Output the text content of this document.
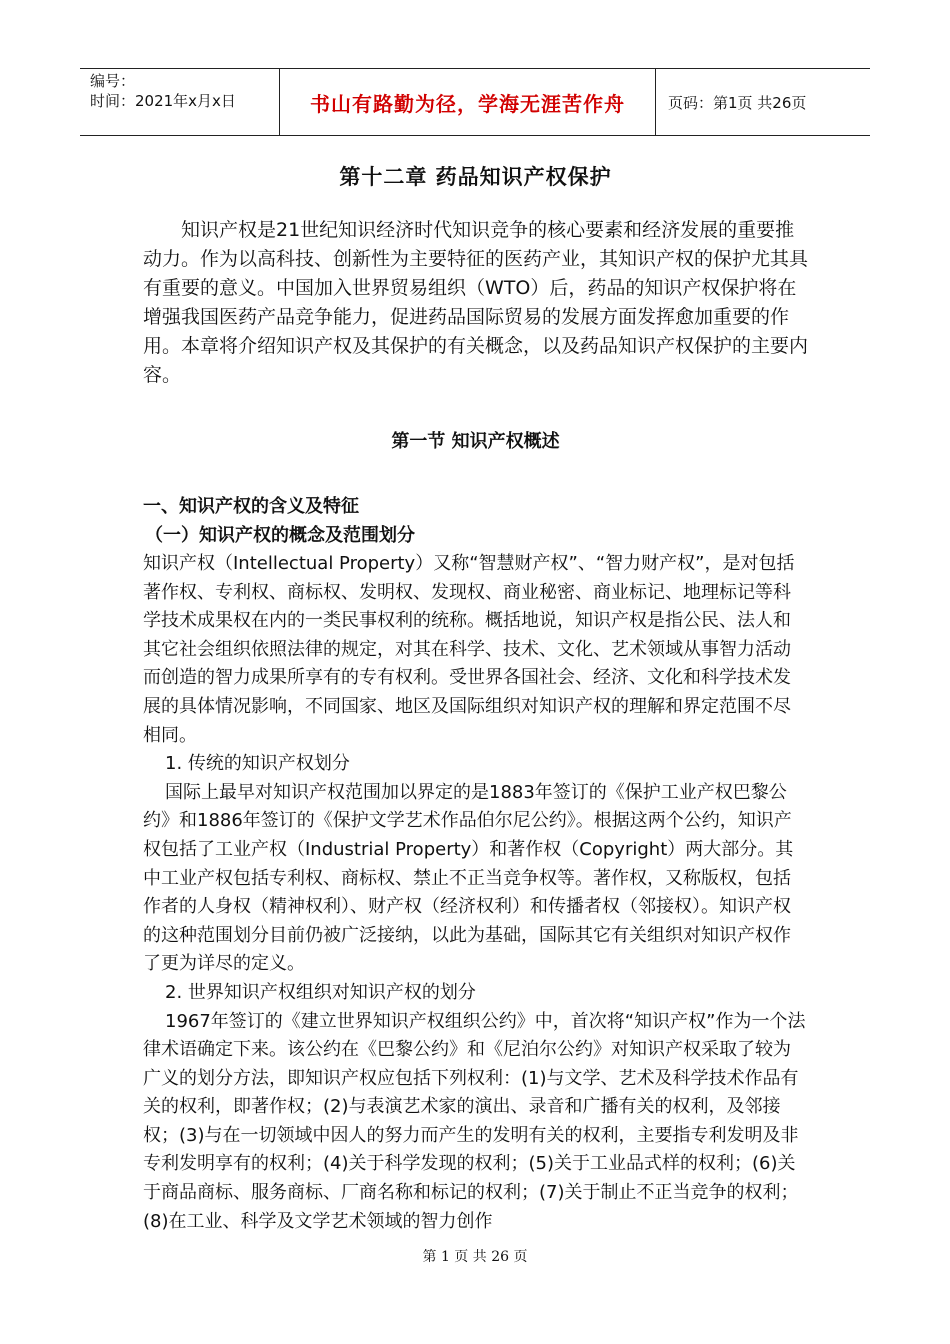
编号：
时间：2021年x月x日	书山有路勤为径，学海无涯苦作舟	页码：第1页 共26页
第十二章 药品知识产权保护

知识产权是21世纪知识经济时代知识竞争的核心要素和经济发展的重要推动力。作为以高科技、创新性为主要特征的医药产业，其知识产权的保护尤其具有重要的意义。中国加入世界贸易组织（WTO）后，药品的知识产权保护将在增强我国医药产品竞争能力，促进药品国际贸易的发展方面发挥愈加重要的作用。本章将介绍知识产权及其保护的有关概念，以及药品知识产权保护的主要内容。

第一节 知识产权概述
一、知识产权的含义及特征
（一）知识产权的概念及范围划分

知识产权（Intellectual Property）又称“智慧财产权”、“智力财产权”，是对包括著作权、专利权、商标权、发明权、发现权、商业秘密、商业标记、地理标记等科学技术成果权在内的一类民事权利的统称。概括地说，知识产权是指公民、法人和其它社会组织依照法律的规定，对其在科学、技术、文化、艺术领域从事智力活动而创造的智力成果所享有的专有权利。受世界各国社会、经济、文化和科学技术发展的具体情况影响，不同国家、地区及国际组织对知识产权的理解和界定范围不尽相同。

1. 传统的知识产权划分

国际上最早对知识产权范围加以界定的是1883年签订的《保护工业产权巴黎公约》和1886年签订的《保护文学艺术作品伯尔尼公约》。根据这两个公约，知识产权包括了工业产权（Industrial Property）和著作权（Copyright）两大部分。其中工业产权包括专利权、商标权、禁止不正当竞争权等。著作权，又称版权，包括作者的人身权（精神权利）、财产权（经济权利）和传播者权（邻接权）。知识产权的这种范围划分目前仍被广泛接纳，以此为基础，国际其它有关组织对知识产权作了更为详尽的定义。

2. 世界知识产权组织对知识产权的划分

1967年签订的《建立世界知识产权组织公约》中，首次将“知识产权”作为一个法律术语确定下来。该公约在《巴黎公约》和《尼泊尔公约》对知识产权采取了较为广义的划分方法，即知识产权应包括下列权利：(1)与文学、艺术及科学技术作品有关的权利，即著作权；(2)与表演艺术家的演出、录音和广播有关的权利，及邻接权；(3)与在一切领域中因人的努力而产生的发明有关的权利，主要指专利发明及非专利发明享有的权利；(4)关于科学发现的权利；(5)关于工业品式样的权利；(6)关于商品商标、服务商标、厂商名称和标记的权利；(7)关于制止不正当竞争的权利；(8)在工业、科学及文学艺术领域的智力创作

第 1 页 共 26 页
